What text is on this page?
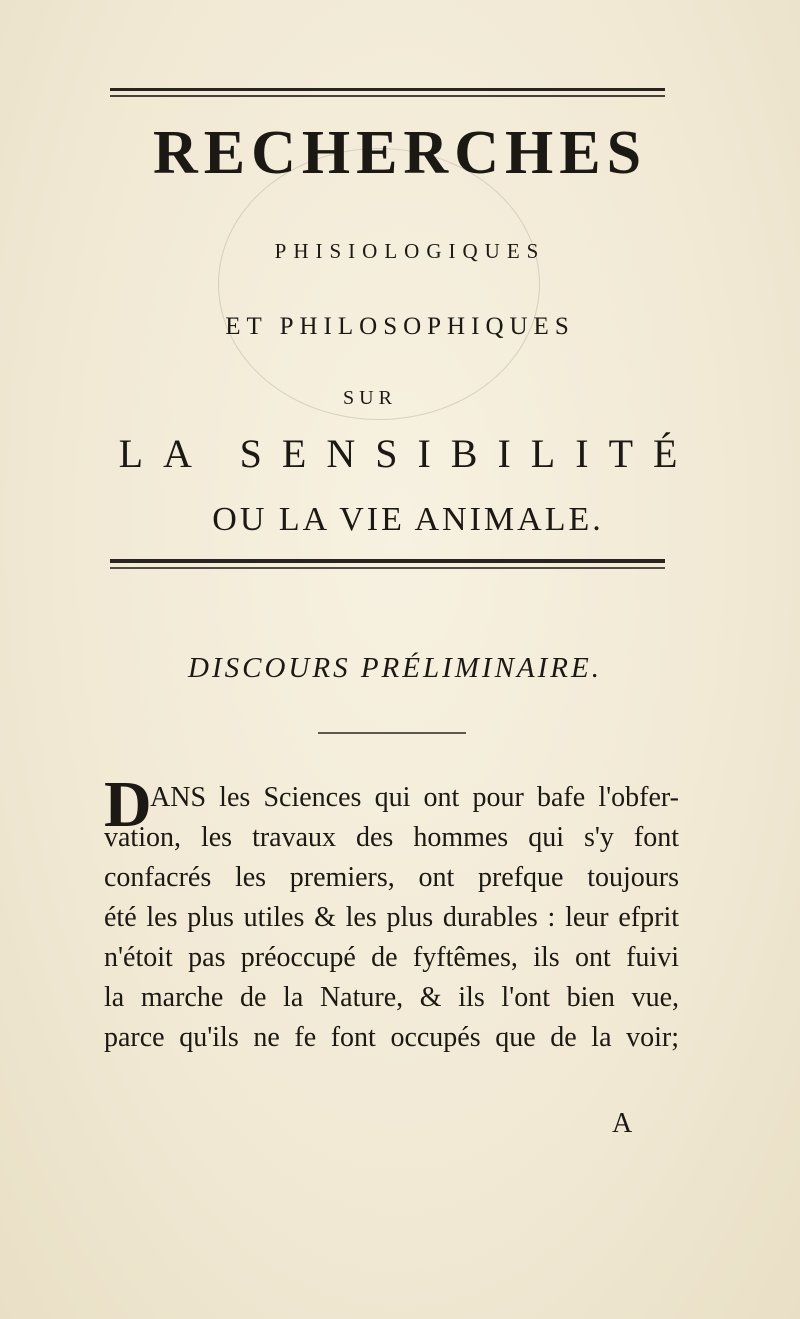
RECHERCHES
PHISIOLOGIQUES
ET PHILOSOPHIQUES
SUR
LA SENSIBILITÉ
OU LA VIE ANIMALE.
DISCOURS PRÉLIMINAIRE.
D
ANS les Sciences qui ont pour bafe l'obfer-
vation, les travaux des hommes qui s'y font
confacrés les premiers, ont prefque toujours
été les plus utiles & les plus durables : leur efprit
n'étoit pas préoccupé de fyftêmes, ils ont fuivi
la marche de la Nature, & ils l'ont bien vue,
parce qu'ils ne fe font occupés que de la voir;
A
